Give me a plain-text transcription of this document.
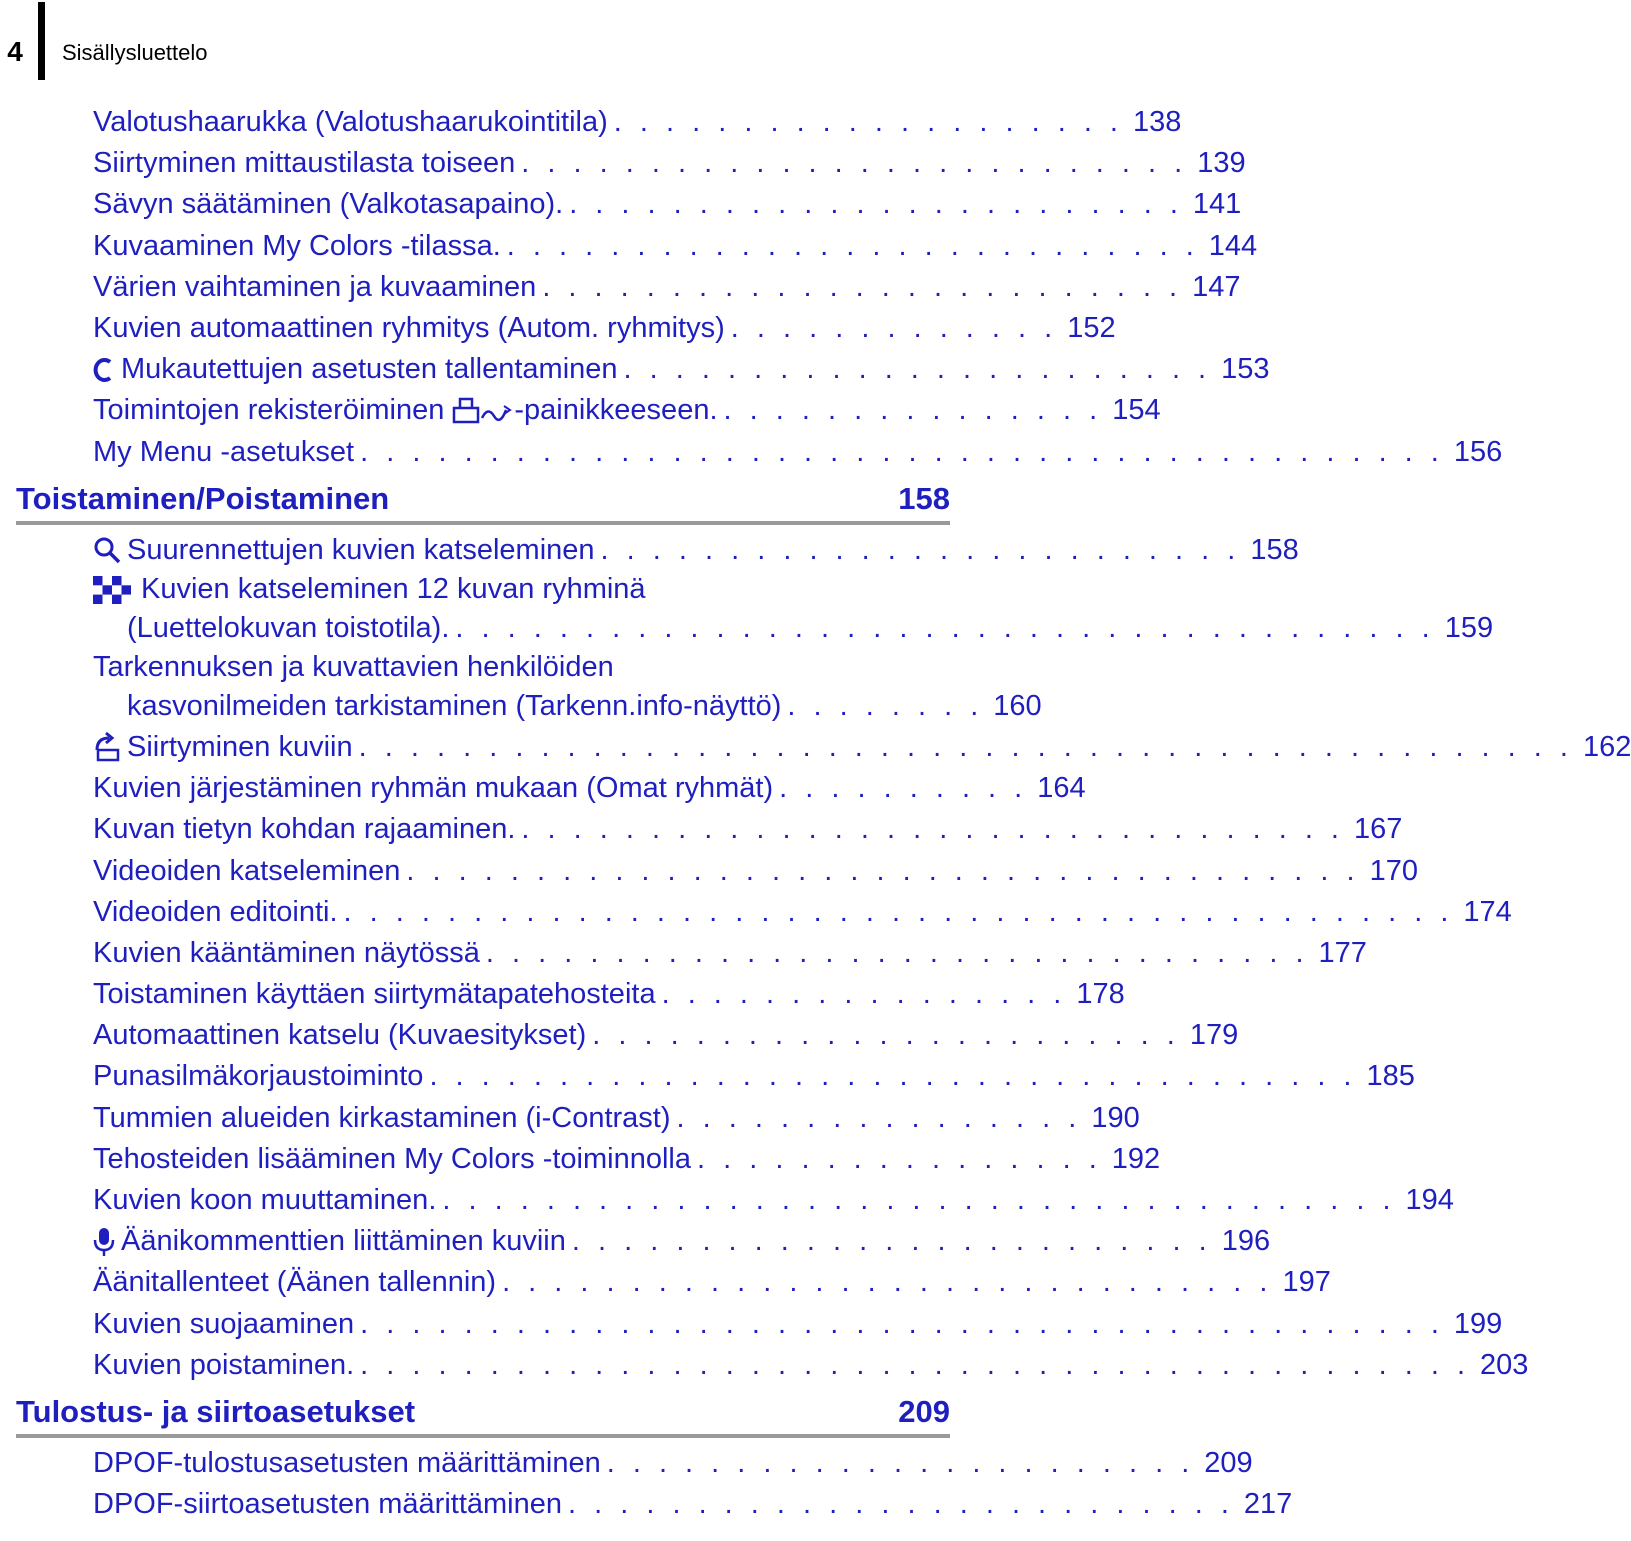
4	Sisällysluettelo
Valotushaarukka (Valotushaarukointitila) . . . . . . . . . . . . . . . . . . . . 138
Siirtyminen mittaustilasta toiseen . . . . . . . . . . . . . . . . . . . . . . . . . . 139
Sävyn säätäminen (Valkotasapaino). . . . . . . . . . . . . . . . . . . . . . . . . 141
Kuvaaminen My Colors -tilassa. . . . . . . . . . . . . . . . . . . . . . . . . . . . 144
Värien vaihtaminen ja kuvaaminen . . . . . . . . . . . . . . . . . . . . . . . . . 147
Kuvien automaattinen ryhmitys (Autom. ryhmitys) . . . . . . . . . . . . . 152
Mukautettujen asetusten tallentaminen . . . . . . . . . . . . . . . . . . . . . . . 153
Toimintojen rekisteröiminen -painikkeeseen. . . . . . . . . . . . . . . . 154
My Menu -asetukset . . . . . . . . . . . . . . . . . . . . . . . . . . . . . . . . . . . . . . . . . . 156
Toistaminen/Poistaminen	158
Suurennettujen kuvien katseleminen . . . . . . . . . . . . . . . . . . . . . . . . . 158
Kuvien katseleminen 12 kuvan ryhminä
(Luettelokuvan toistotila). . . . . . . . . . . . . . . . . . . . . . . . . . . . . . . . . . . . . . . 159
Tarkennuksen ja kuvattavien henkilöiden
kasvonilmeiden tarkistaminen (Tarkenn.info-näyttö) . . . . . . . . 160
Siirtyminen kuviin . . . . . . . . . . . . . . . . . . . . . . . . . . . . . . . . . . . . . . . . . . . . . . . 162
Kuvien järjestäminen ryhmän mukaan (Omat ryhmät) . . . . . . . . . . 164
Kuvan tietyn kohdan rajaaminen. . . . . . . . . . . . . . . . . . . . . . . . . . . . . . . . . 167
Videoiden katseleminen . . . . . . . . . . . . . . . . . . . . . . . . . . . . . . . . . . . . . 170
Videoiden editointi. . . . . . . . . . . . . . . . . . . . . . . . . . . . . . . . . . . . . . . . . . . . 174
Kuvien kääntäminen näytössä . . . . . . . . . . . . . . . . . . . . . . . . . . . . . . . . 177
Toistaminen käyttäen siirtymätapatehosteita . . . . . . . . . . . . . . . . 178
Automaattinen katselu (Kuvaesitykset) . . . . . . . . . . . . . . . . . . . . . . . 179
Punasilmäkorjaustoiminto . . . . . . . . . . . . . . . . . . . . . . . . . . . . . . . . . . . . 185
Tummien alueiden kirkastaminen (i-Contrast) . . . . . . . . . . . . . . . . 190
Tehosteiden lisääminen My Colors -toiminnolla . . . . . . . . . . . . . . . . 192
Kuvien koon muuttaminen. . . . . . . . . . . . . . . . . . . . . . . . . . . . . . . . . . . . . . 194
Äänikommenttien liittäminen kuviin . . . . . . . . . . . . . . . . . . . . . . . . . 196
Äänitallenteet (Äänen tallennin) . . . . . . . . . . . . . . . . . . . . . . . . . . . . . . 197
Kuvien suojaaminen . . . . . . . . . . . . . . . . . . . . . . . . . . . . . . . . . . . . . . . . . . 199
Kuvien poistaminen. . . . . . . . . . . . . . . . . . . . . . . . . . . . . . . . . . . . . . . . . . . . 203
Tulostus- ja siirtoasetukset	209
DPOF-tulostusasetusten määrittäminen . . . . . . . . . . . . . . . . . . . . . . . 209
DPOF-siirtoasetusten määrittäminen . . . . . . . . . . . . . . . . . . . . . . . . . . 217
